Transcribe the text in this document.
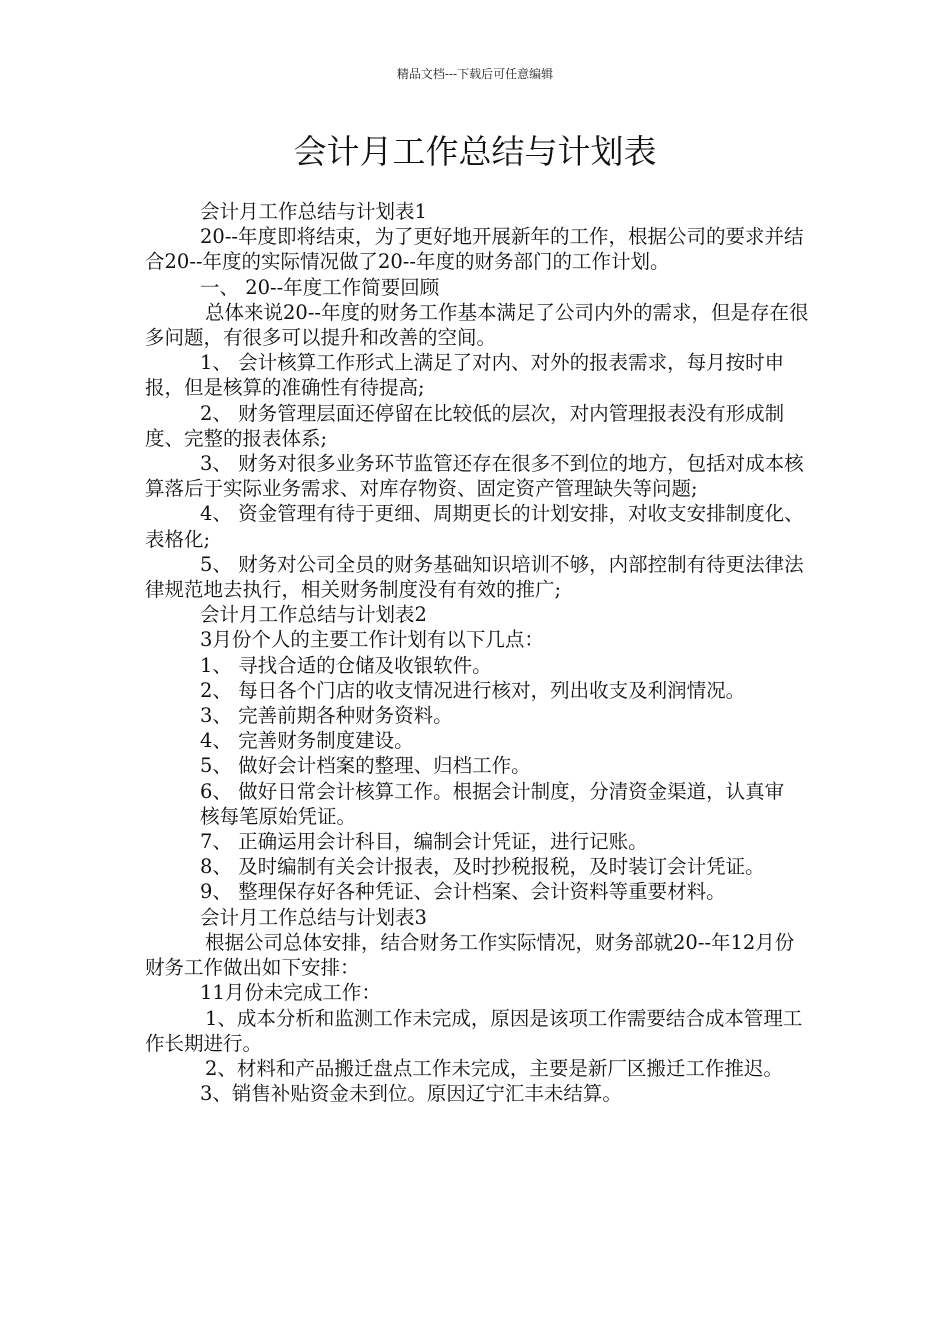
精品文档---下载后可任意编辑
会计月工作总结与计划表

会计月工作总结与计划表1

20--年度即将结束，为了更好地开展新年的工作，根据公司的要求并结合20--年度的实际情况做了20--年度的财务部门的工作计划。

一、 20--年度工作简要回顾

总体来说20--年度的财务工作基本满足了公司内外的需求，但是存在很多问题，有很多可以提升和改善的空间。

1、 会计核算工作形式上满足了对内、对外的报表需求，每月按时申报，但是核算的准确性有待提高;

2、 财务管理层面还停留在比较低的层次，对内管理报表没有形成制度、完整的报表体系;

3、 财务对很多业务环节监管还存在很多不到位的地方，包括对成本核算落后于实际业务需求、对库存物资、固定资产管理缺失等问题;

4、 资金管理有待于更细、周期更长的计划安排，对收支安排制度化、表格化;

5、 财务对公司全员的财务基础知识培训不够，内部控制有待更法律法律规范地去执行，相关财务制度没有有效的推广;

会计月工作总结与计划表2

3月份个人的主要工作计划有以下几点：

1、 寻找合适的仓储及收银软件。

2、 每日各个门店的收支情况进行核对，列出收支及利润情况。

3、 完善前期各种财务资料。

4、 完善财务制度建设。

5、 做好会计档案的整理、归档工作。

6、 做好日常会计核算工作。根据会计制度，分清资金渠道，认真审

核每笔原始凭证。

7、 正确运用会计科目，编制会计凭证，进行记账。

8、 及时编制有关会计报表，及时抄税报税，及时装订会计凭证。

9、 整理保存好各种凭证、会计档案、会计资料等重要材料。

会计月工作总结与计划表3

根据公司总体安排，结合财务工作实际情况，财务部就20--年12月份财务工作做出如下安排：

11月份未完成工作：

1、成本分析和监测工作未完成，原因是该项工作需要结合成本管理工作长期进行。

2、材料和产品搬迁盘点工作未完成，主要是新厂区搬迁工作推迟。

3、销售补贴资金未到位。原因辽宁汇丰未结算。
